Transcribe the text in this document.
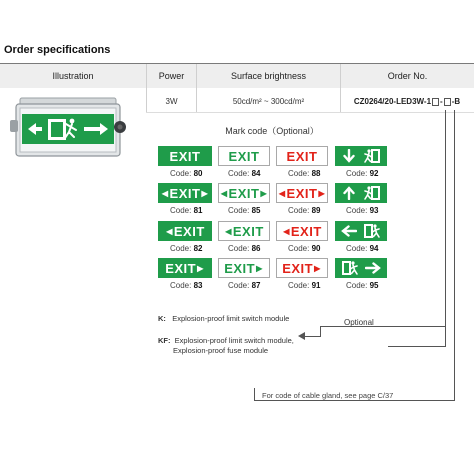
Order specifications
Illustration	Power	Surface brightness	Order No.
3W	50cd/m² ~ 300cd/m²	CZ0264/20-LED3W-1 - -B
Mark code（Optional）
EXIT
Code: 80
EXIT
Code: 84
EXIT
Code: 88	Code: 92
◀ EXIT ▶
Code: 81
◀ EXIT ▶
Code: 85
◀ EXIT ▶
Code: 89	Code: 93
◀ EXIT
Code: 82
◀ EXIT
Code: 86
◀ EXIT
Code: 90	Code: 94
EXIT ▶
Code: 83
EXIT ▶
Code: 87
EXIT ▶
Code: 91	Code: 95
Optional
K: Explosion-proof limit switch module
KF: Explosion-proof limit switch module,
Explosion-proof fuse module
For code of cable gland, see page C/37
